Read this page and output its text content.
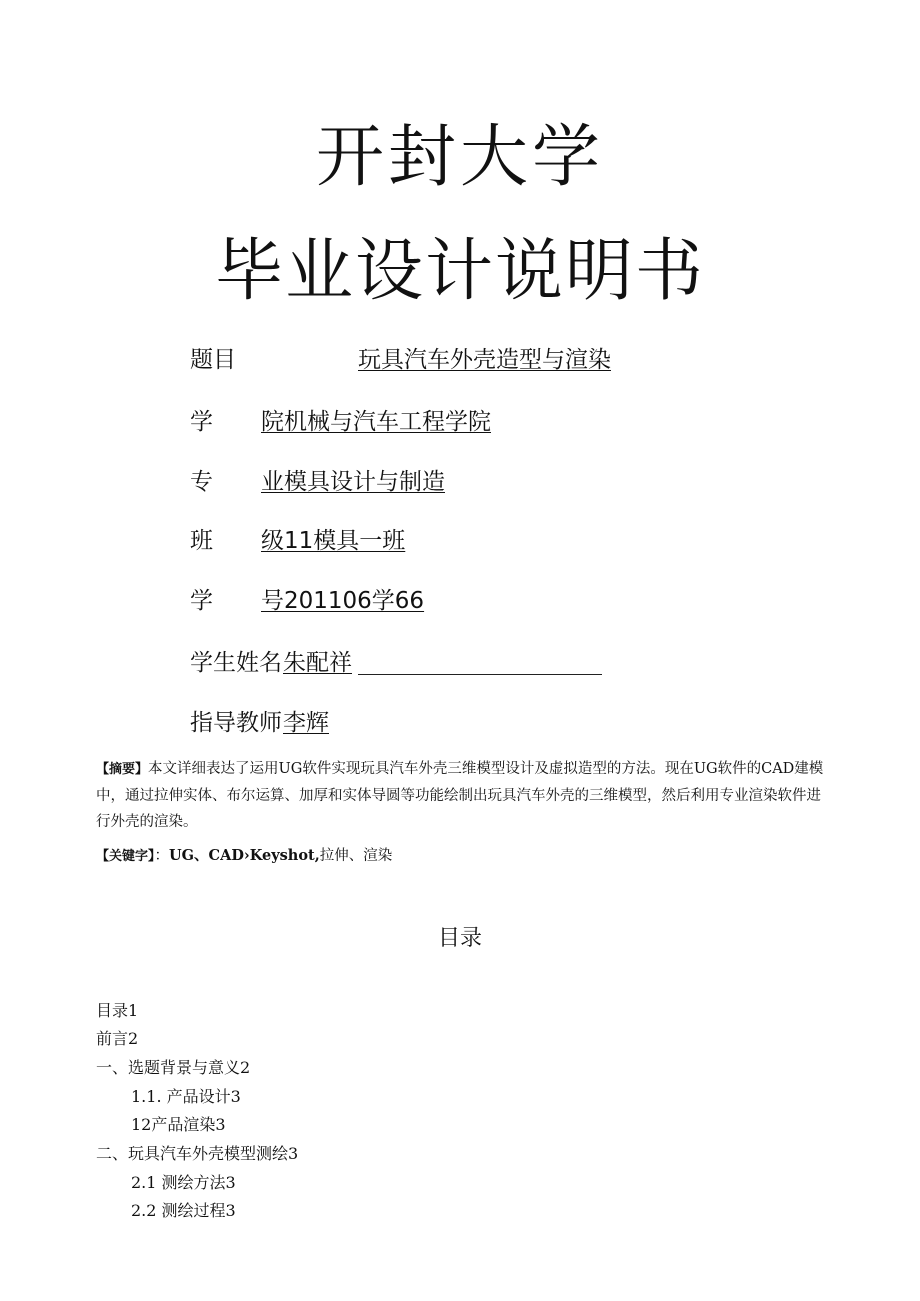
开封大学
毕业设计说明书
题目	玩具汽车外壳造型与渲染
学 院机械与汽车工程学院
专 业模具设计与制造
班 级11模具一班
学 号201106学66
学生姓名 朱配祥
指导教师 李辉
【摘要】本文详细表达了运用UG软件实现玩具汽车外壳三维模型设计及虚拟造型的方法。现在UG软件的CAD建模中，通过拉伸实体、布尔运算、加厚和实体导圆等功能绘制出玩具汽车外壳的三维模型，然后利用专业渲染软件进行外壳的渲染。
【关键字】：UG、CAD›Keyshot,拉伸、渲染
目录
目录1
前言2
一、选题背景与意义2
1.1. 产品设计3
12产品渲染3
二、玩具汽车外壳模型测绘3
2.1 测绘方法3
2.2 测绘过程3
